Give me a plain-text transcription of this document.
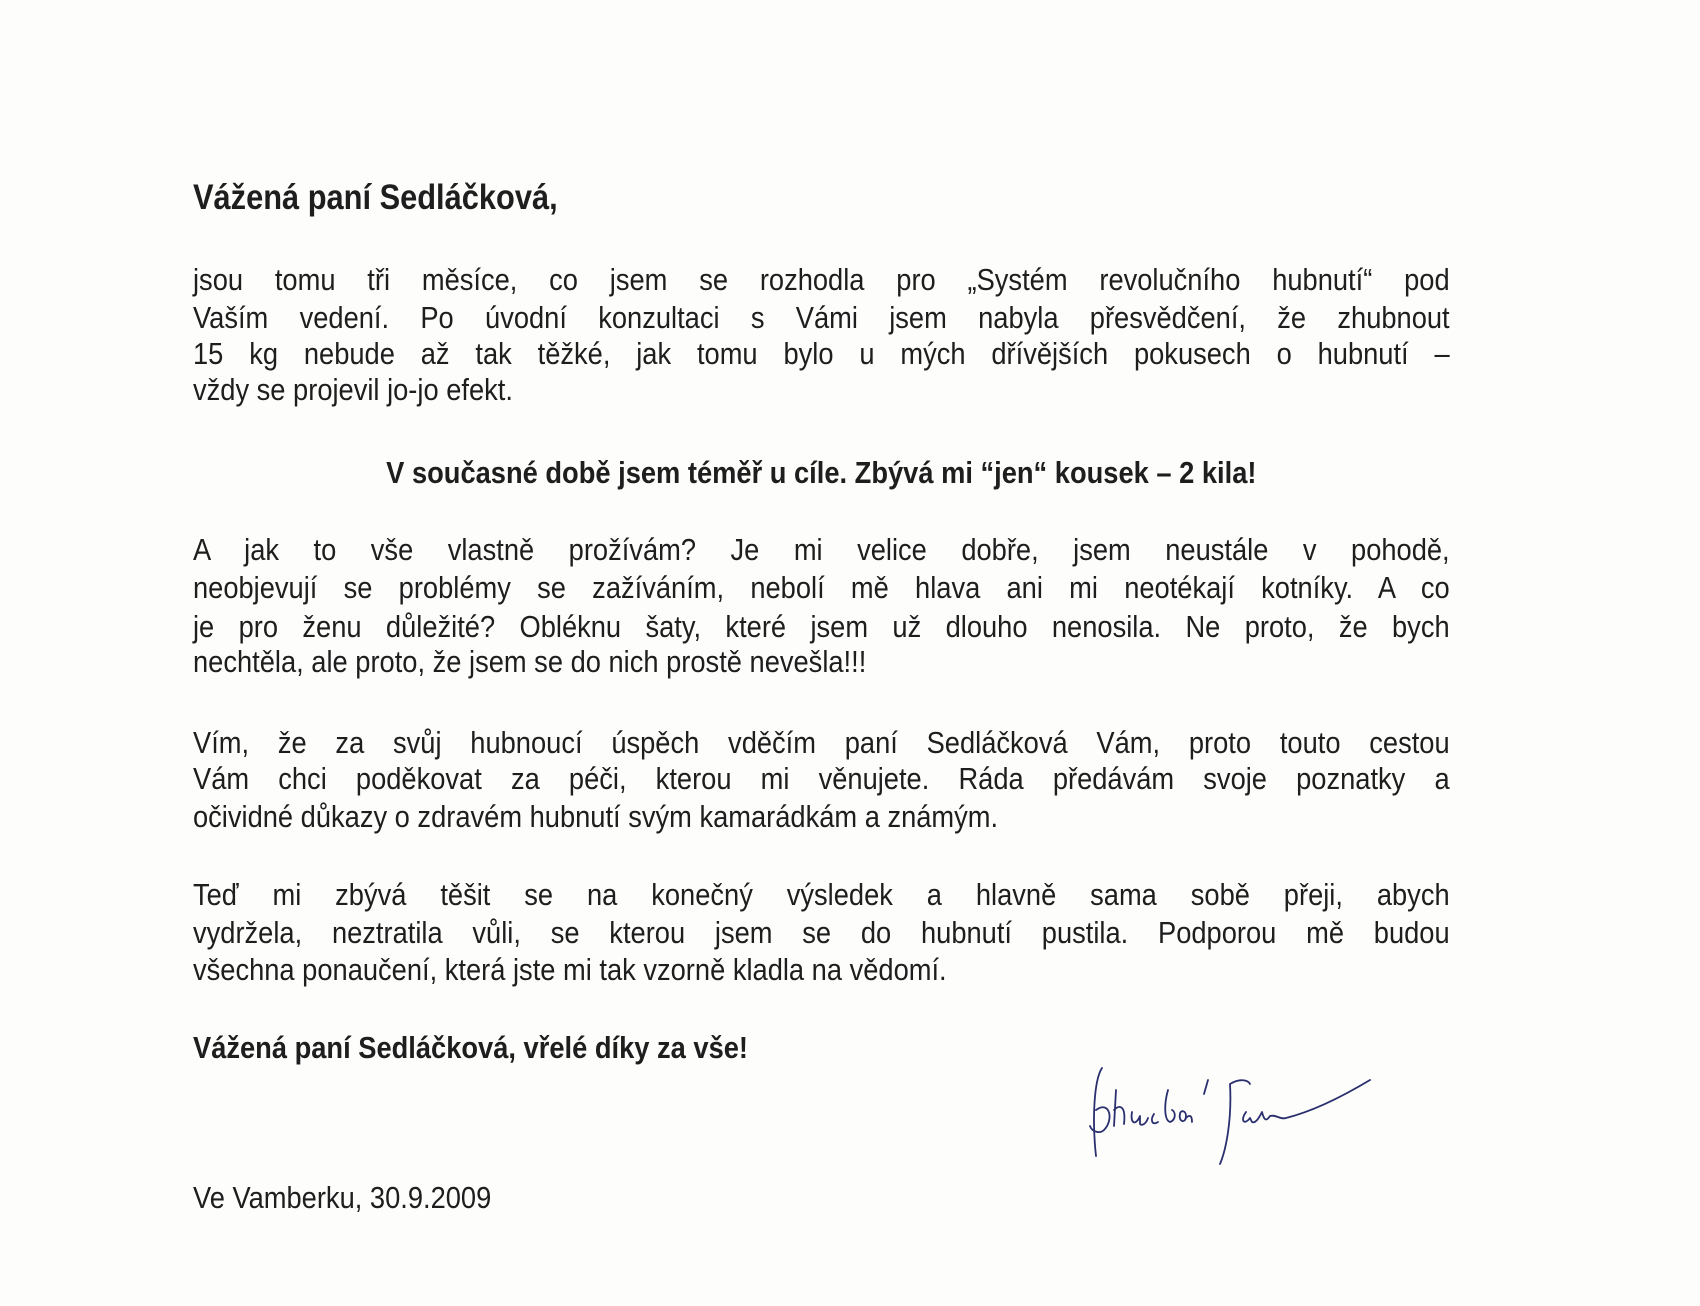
Vážená paní Sedláčková,
jsou tomu tři měsíce, co jsem se rozhodla pro „Systém revolučního hubnutí“ pod
Vaším vedení. Po úvodní konzultaci s Vámi jsem nabyla přesvědčení, že zhubnout
15 kg nebude až tak těžké, jak tomu bylo u mých dřívějších pokusech o hubnutí –
vždy se projevil jo-jo efekt.
V současné době jsem téměř u cíle. Zbývá mi “jen“ kousek – 2 kila!
A jak to vše vlastně prožívám? Je mi velice dobře, jsem neustále v pohodě,
neobjevují se problémy se zažíváním, nebolí mě hlava ani mi neotékají kotníky. A co
je pro ženu důležité? Obléknu šaty, které jsem už dlouho nenosila. Ne proto, že bych
nechtěla, ale proto, že jsem se do nich prostě nevešla!!!
Vím, že za svůj hubnoucí úspěch vděčím paní Sedláčková Vám, proto touto cestou
Vám chci poděkovat za péči, kterou mi věnujete. Ráda předávám svoje poznatky a
očividné důkazy o zdravém hubnutí svým kamarádkám a známým.
Teď mi zbývá těšit se na konečný výsledek a hlavně sama sobě přeji, abych
vydržela, neztratila vůli, se kterou jsem se do hubnutí pustila. Podporou mě budou
všechna ponaučení, která jste mi tak vzorně kladla na vědomí.
Vážená paní Sedláčková, vřelé díky za vše!
Ve Vamberku, 30.9.2009
